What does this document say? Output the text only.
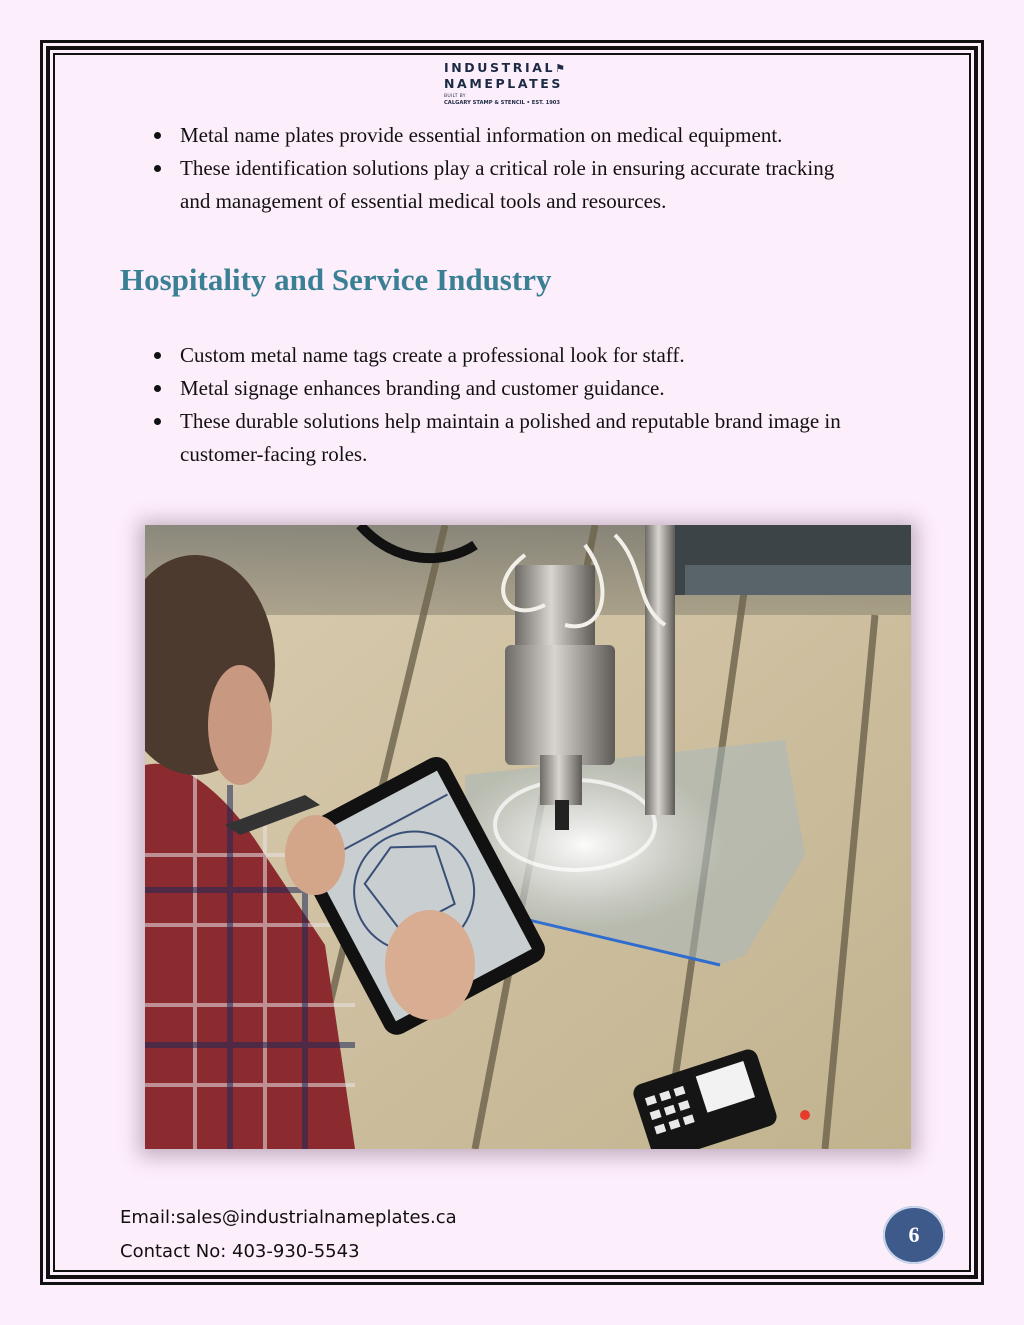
INDUSTRIAL⚑
NAMEPLATES
BUILT BY
CALGARY STAMP & STENCIL • EST. 1903
Metal name plates provide essential information on medical equipment.
These identification solutions play a critical role in ensuring accurate tracking and management of essential medical tools and resources.
Hospitality and Service Industry
Custom metal name tags create a professional look for staff.
Metal signage enhances branding and customer guidance.
These durable solutions help maintain a polished and reputable brand image in customer-facing roles.
Email:sales@industrialnameplates.ca
Contact No: 403-930-5543
6
